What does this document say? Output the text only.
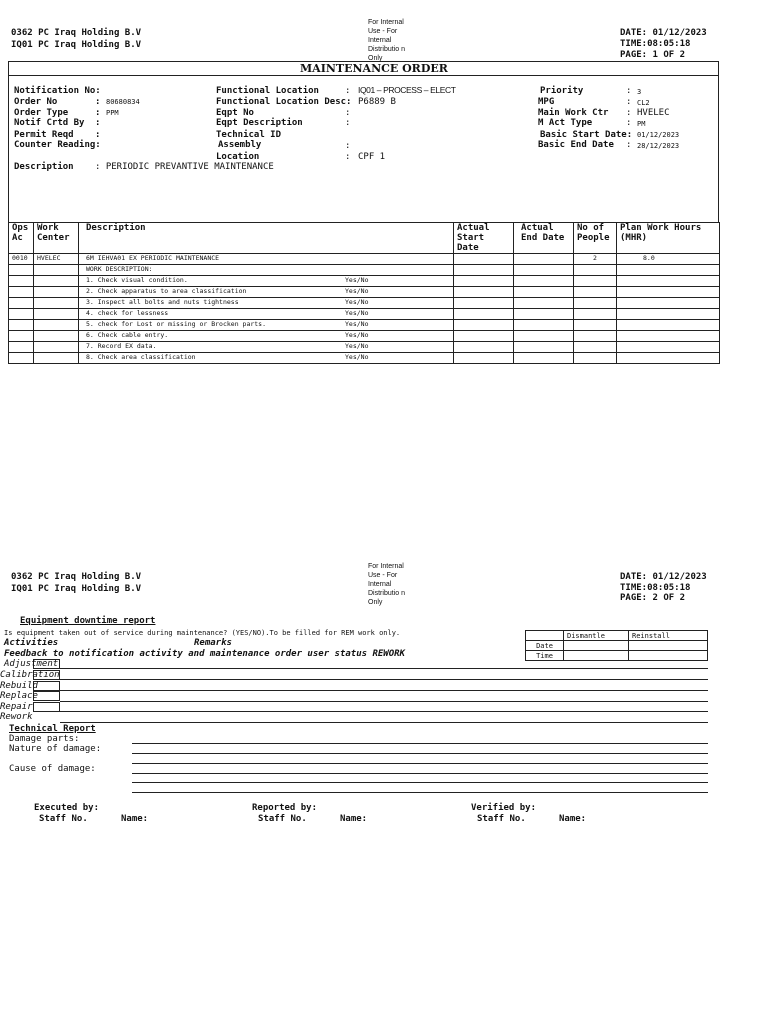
0362 PC Iraq Holding B.V
IQ01 PC Iraq Holding B.V
For Internal Use - For Internal Distributio n Only
DATE: 01/12/2023
TIME:08:05:18
PAGE: 1 OF 2
MAINTENANCE ORDER
Notification No:
Order No	: 80680834
Order Type	: PPM
Notif Crtd By :
Permit Reqd :
Counter Reading:
Functional Location	: IQ01 – PROCESS – ELECT
Functional Location Desc: P6889 B
Eqpt No	:
Eqpt Description	:
Technical ID
Assembly	:
Location	: CPF 1
Priority	: 3
MPG	: CL2
Main Work Ctr : HVELEC
M Act Type	: PM
Basic Start Date: 01/12/2023
Basic End Date : 28/12/2023
Description : PERIODIC PREVANTIVE MAINTENANCE
Ops Ac	Work Center	Description	Actual Start Date	Actual End Date	No of People	Plan Work Hours (MHR)
0010	HVELEC	6M IEHVA01 EX PERIODIC MAINTENANCE			2	8.0
		WORK DESCRIPTION:				
		1. Check visual condition. Yes/No				

		2. Check apparatus to area classification Yes/No				

		3. Inspect all bolts and nuts tightness Yes/No				

		4. check for lessness Yes/No				

		5. check for Lost or missing or Brocken parts. Yes/No				

		6. Check cable entry. Yes/No				

		7. Record EX data. Yes/No				

		8. Check area classification Yes/No				

0362 PC Iraq Holding B.V
IQ01 PC Iraq Holding B.V
For Internal Use - For Internal Distributio n Only
DATE: 01/12/2023
TIME:08:05:18
PAGE: 2 OF 2
Equipment downtime report
Is equipment taken out of service during maintenance? (YES/NO).To be filled for REM work only.
		Dismantle	Reinstall
Date		
Time		
Activities	Remarks
Feedback to notification activity and maintenance order user status REWORK
Adjustment
Calibration
Rebuild
Replace
Repair
Rework
Technical Report
Damage parts:
Nature of damage:
Cause of damage:
Executed by:
Staff No.	Name:
Reported by:
Staff No.	Name:
Verified by:
Staff No.	Name:
